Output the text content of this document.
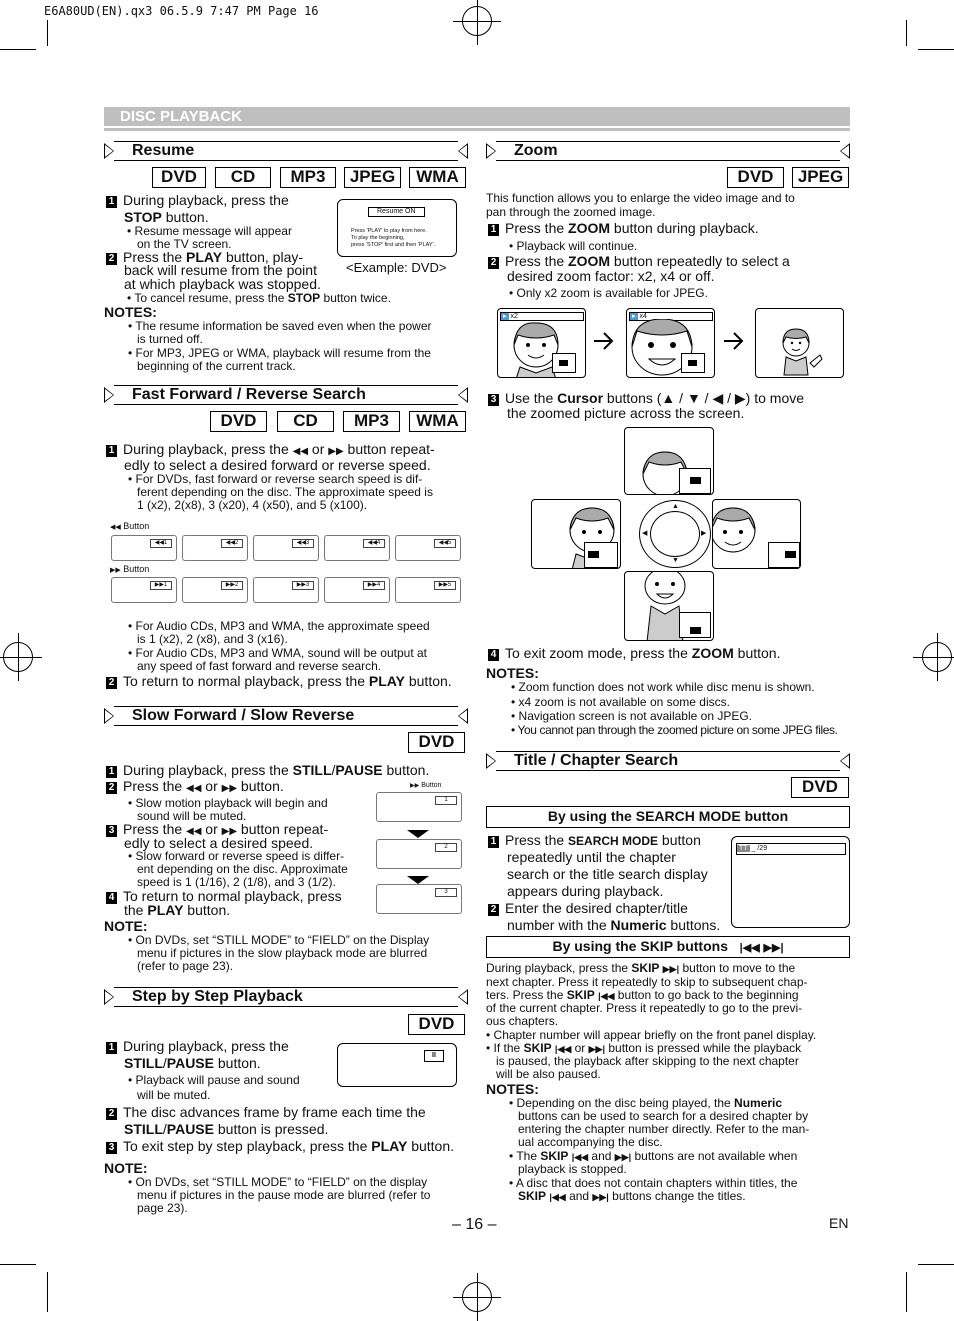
E6A80UD(EN).qx3 06.5.9 7:47 PM Page 16
DISC PLAYBACK
Resume
DVD	CD	MP3	JPEG	WMA
1 During playback, press the
STOP button.
• Resume message will appear
on the TV screen.
2 Press the PLAY button, play-
back will resume from the point
at which playback was stopped.
• To cancel resume, press the STOP button twice.
Resume ON
Press 'PLAY' to play from here.
To play the beginning,
press 'STOP' first and then 'PLAY'.
<Example: DVD>
NOTES:
• The resume information be saved even when the power
is turned off.
• For MP3, JPEG or WMA, playback will resume from the
beginning of the current track.
Fast Forward / Reverse Search
DVD	CD	MP3	WMA
1 During playback, press the ◀◀ or ▶▶ button repeat-
edly to select a desired forward or reverse speed.
• For DVDs, fast forward or reverse search speed is dif-
ferent depending on the disc. The approximate speed is
1 (x2), 2(x8), 3 (x20), 4 (x50), and 5 (x100).
◀◀ Button
◀◀1	◀◀2	◀◀3	◀◀4	◀◀5
▶▶ Button
▶▶1	▶▶2	▶▶3	▶▶4	▶▶5
• For Audio CDs, MP3 and WMA, the approximate speed
is 1 (x2), 2 (x8), and 3 (x16).
• For Audio CDs, MP3 and WMA, sound will be output at
any speed of fast forward and reverse search.
2 To return to normal playback, press the PLAY button.
Slow Forward / Slow Reverse
DVD
1 During playback, press the STILL/PAUSE button.
2 Press the ◀◀ or ▶▶ button.
• Slow motion playback will begin and
sound will be muted.
3 Press the ◀◀ or ▶▶ button repeat-
edly to select a desired speed.
• Slow forward or reverse speed is differ-
ent depending on the disc. Approximate
speed is 1 (1/16), 2 (1/8), and 3 (1/2).
4 To return to normal playback, press
the PLAY button.
▶▶ Button
1
2
3
NOTE:
• On DVDs, set “STILL MODE” to “FIELD” on the Display
menu if pictures in the slow playback mode are blurred
(refer to page 23).
Step by Step Playback
DVD
1 During playback, press the
STILL/PAUSE button.
• Playback will pause and sound
will be muted.
II
2 The disc advances frame by frame each time the
STILL/PAUSE button is pressed.
3 To exit step by step playback, press the PLAY button.
NOTE:
• On DVDs, set “STILL MODE” to “FIELD” on the display
menu if pictures in the pause mode are blurred (refer to
page 23).
Zoom
DVD	JPEG
This function allows you to enlarge the video image and to
pan through the zoomed image.
1 Press the ZOOM button during playback.
• Playback will continue.
2 Press the ZOOM button repeatedly to select a
desired zoom factor: x2, x4 or off.
• Only x2 zoom is available for JPEG.
▸ x2	▸ x4
3 Use the Cursor buttons (▲ / ▼ / ◀ / ▶) to move
the zoomed picture across the screen.
▲
▼
◀	▶
4 To exit zoom mode, press the ZOOM button.
NOTES:
• Zoom function does not work while disc menu is shown.
• x4 zoom is not available on some discs.
• Navigation screen is not available on JPEG.
• You cannot pan through the zoomed picture on some JPEG files.
Title / Chapter Search
DVD
By using the SEARCH MODE button
1 Press the SEARCH MODE button
repeatedly until the chapter
search or the title search display
appears during playback.
2 Enter the desired chapter/title
number with the Numeric buttons.
TT _ /29
By using the SKIP buttons |◀◀ ▶▶|
During playback, press the SKIP ▶▶| button to move to the
next chapter. Press it repeatedly to skip to subsequent chap-
ters. Press the SKIP |◀◀ button to go back to the beginning
of the current chapter. Press it repeatedly to go to the previ-
ous chapters.
• Chapter number will appear briefly on the front panel display.
• If the SKIP |◀◀ or ▶▶| button is pressed while the playback
is paused, the playback after skipping to the next chapter
will be also paused.
NOTES:
• Depending on the disc being played, the Numeric
buttons can be used to search for a desired chapter by
entering the chapter number directly. Refer to the man-
ual accompanying the disc.
• The SKIP |◀◀ and ▶▶| buttons are not available when
playback is stopped.
• A disc that does not contain chapters within titles, the
SKIP |◀◀ and ▶▶| buttons change the titles.
– 16 –	EN
